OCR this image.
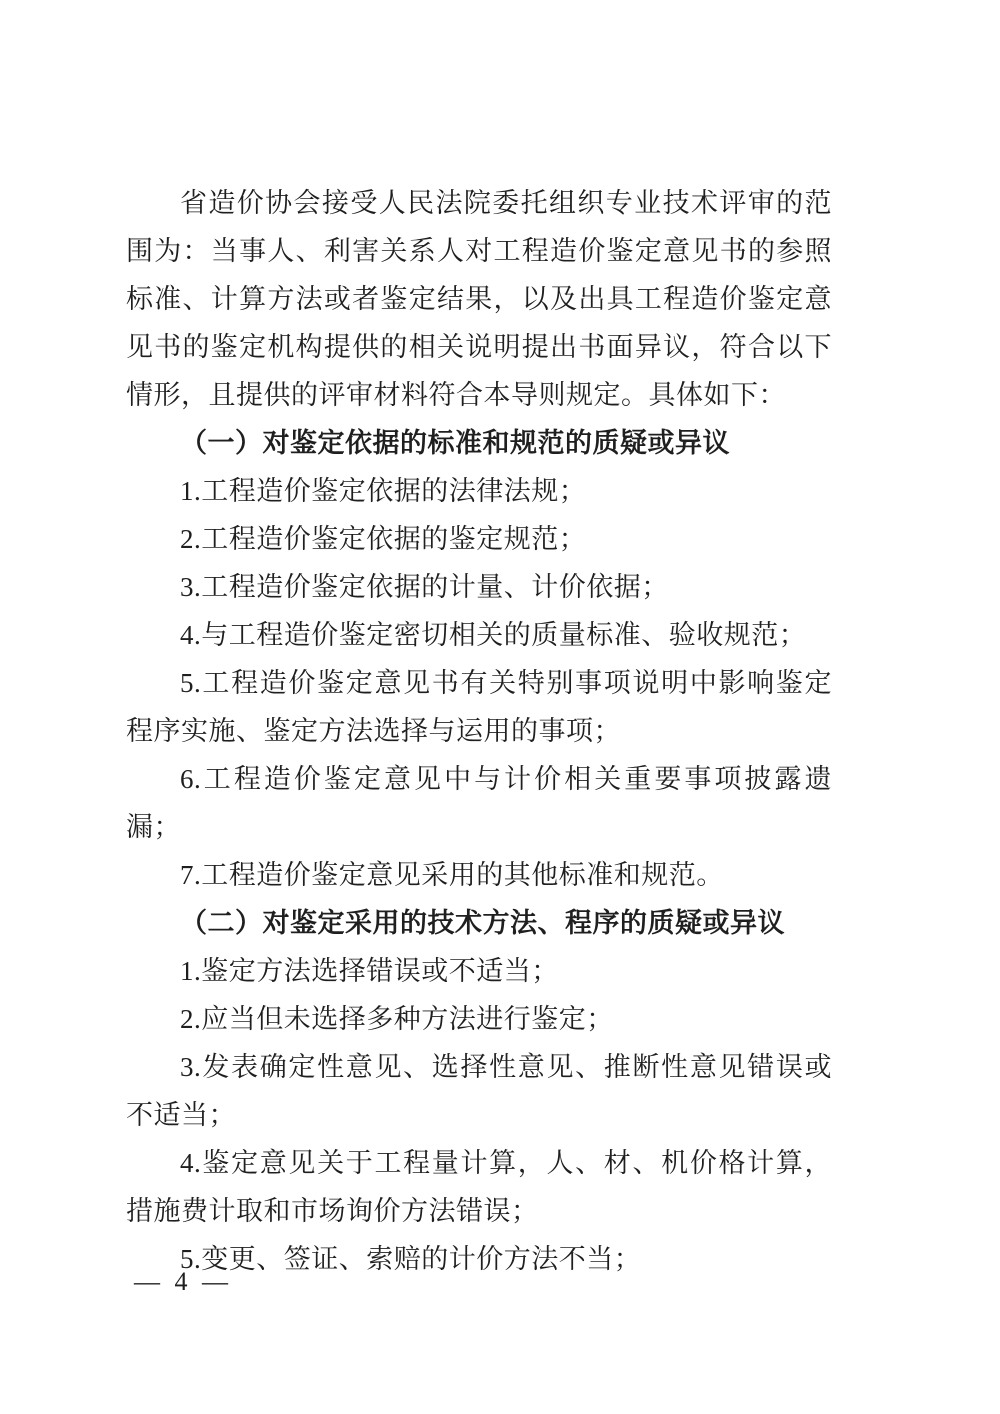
省造价协会接受人民法院委托组织专业技术评审的范围为：当事人、利害关系人对工程造价鉴定意见书的参照标准、计算方法或者鉴定结果，以及出具工程造价鉴定意见书的鉴定机构提供的相关说明提出书面异议，符合以下情形，且提供的评审材料符合本导则规定。具体如下：

（一）对鉴定依据的标准和规范的质疑或异议

1.工程造价鉴定依据的法律法规；

2.工程造价鉴定依据的鉴定规范；

3.工程造价鉴定依据的计量、计价依据；

4.与工程造价鉴定密切相关的质量标准、验收规范；

5.工程造价鉴定意见书有关特别事项说明中影响鉴定程序实施、鉴定方法选择与运用的事项；

6.工程造价鉴定意见中与计价相关重要事项披露遗漏；

7.工程造价鉴定意见采用的其他标准和规范。

（二）对鉴定采用的技术方法、程序的质疑或异议

1.鉴定方法选择错误或不适当；

2.应当但未选择多种方法进行鉴定；

3.发表确定性意见、选择性意见、推断性意见错误或不适当；

4.鉴定意见关于工程量计算，人、材、机价格计算，措施费计取和市场询价方法错误；

5.变更、签证、索赔的计价方法不当；

— 4 —
